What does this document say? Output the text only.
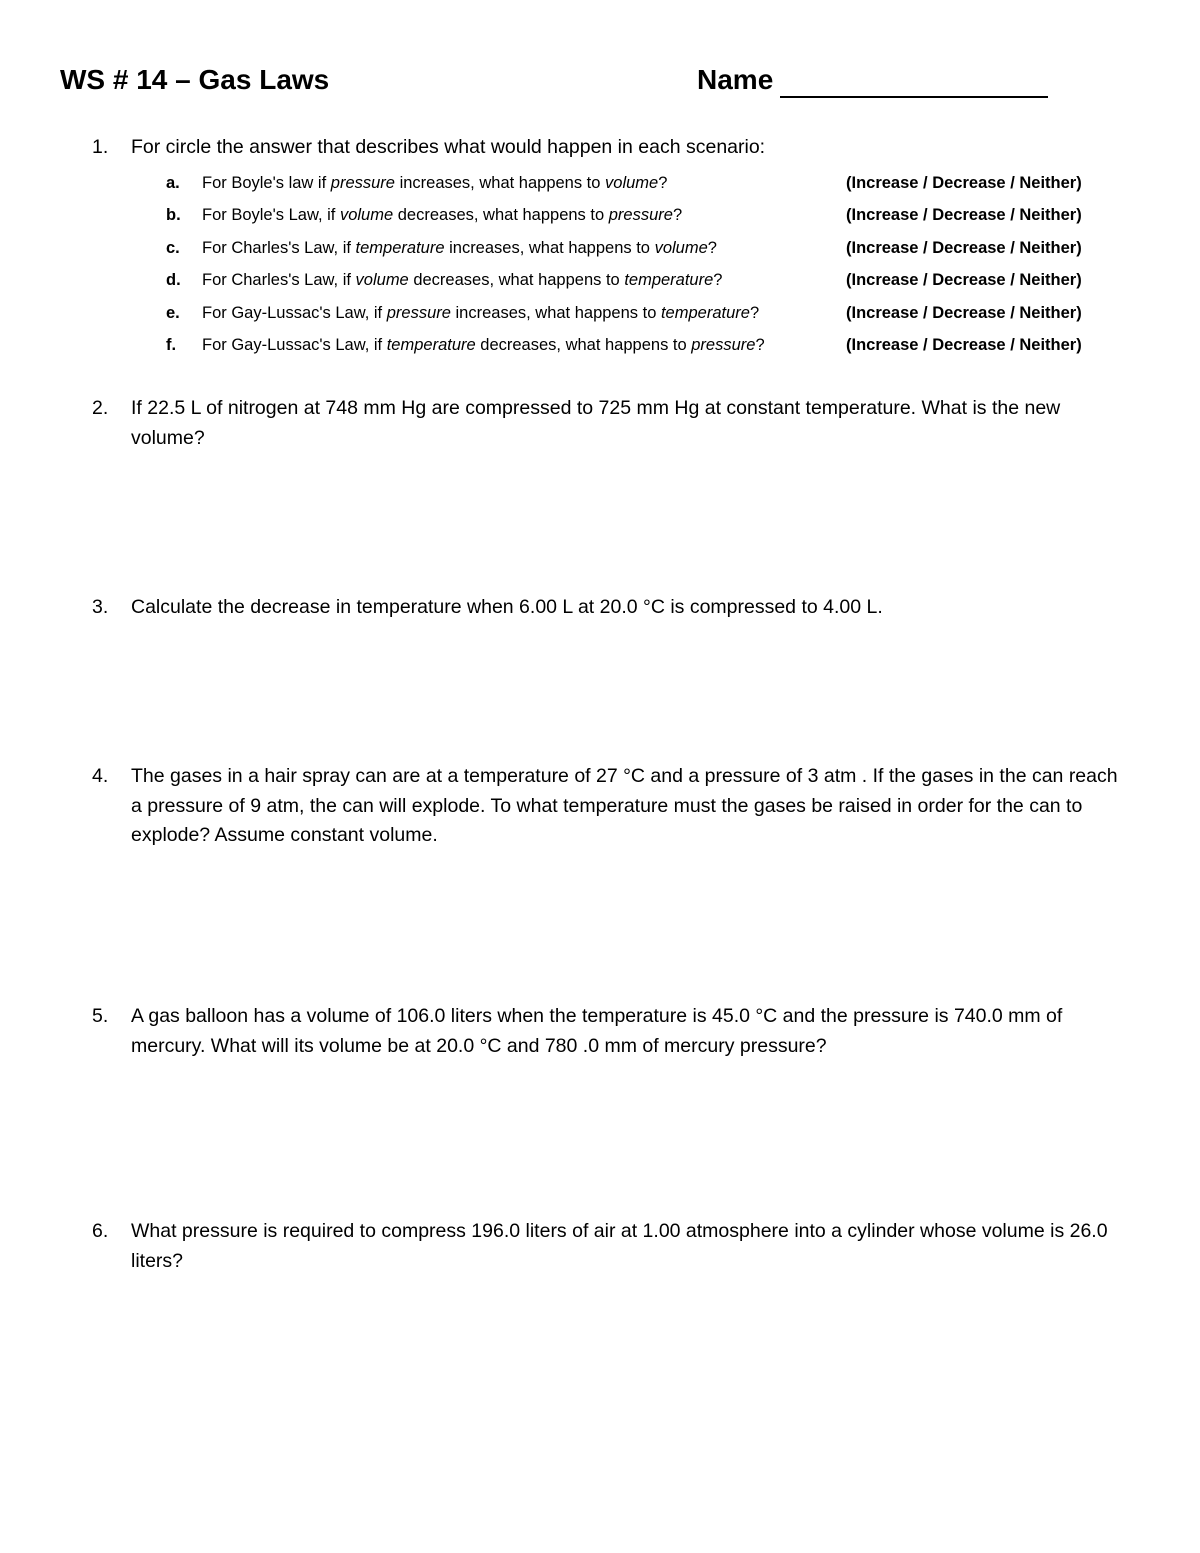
WS # 14 – Gas Laws	Name
1.	For circle the answer that describes what would happen in each scenario:
a. For Boyle's law if pressure increases, what happens to volume?	(Increase / Decrease / Neither)
b. For Boyle's Law, if volume decreases, what happens to pressure?	(Increase / Decrease / Neither)
c. For Charles's Law, if temperature increases, what happens to volume?	(Increase / Decrease / Neither)
d. For Charles's Law, if volume decreases, what happens to temperature?	(Increase / Decrease / Neither)
e. For Gay-Lussac's Law, if pressure increases, what happens to temperature?	(Increase / Decrease / Neither)
f. For Gay-Lussac's Law, if temperature decreases, what happens to pressure?	(Increase / Decrease / Neither)
2.	If 22.5 L of nitrogen at 748 mm Hg are compressed to 725 mm Hg at constant temperature. What is the new volume?
3.	Calculate the decrease in temperature when 6.00 L at 20.0 °C is compressed to 4.00 L.
4.	The gases in a hair spray can are at a temperature of 27 °C and a pressure of 3 atm . If the gases in the can reach a pressure of 9 atm, the can will explode. To what temperature must the gases be raised in order for the can to explode? Assume constant volume.
5.	A gas balloon has a volume of 106.0 liters when the temperature is 45.0 °C and the pressure is 740.0 mm of mercury. What will its volume be at 20.0 °C and 780 .0 mm of mercury pressure?
6.	What pressure is required to compress 196.0 liters of air at 1.00 atmosphere into a cylinder whose volume is 26.0 liters?
